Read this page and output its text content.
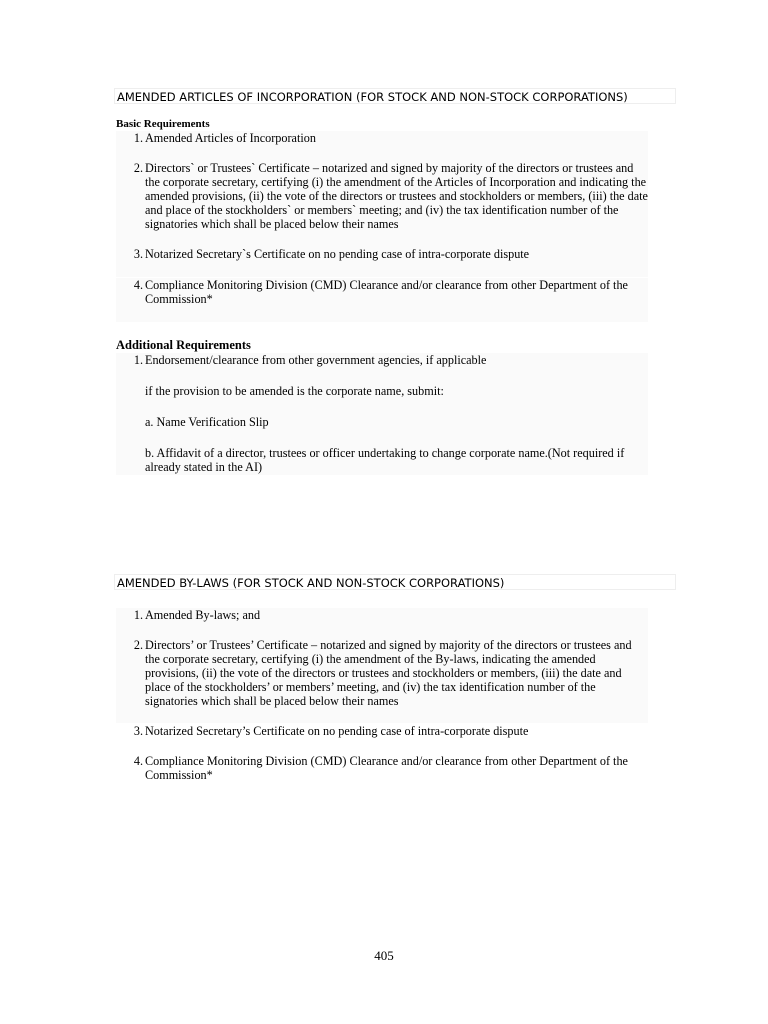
AMENDED ARTICLES OF INCORPORATION (FOR STOCK AND NON-STOCK CORPORATIONS)
Basic Requirements
1. Amended Articles of Incorporation
2. Directors` or Trustees` Certificate – notarized and signed by majority of the directors or trustees and the corporate secretary, certifying (i) the amendment of the Articles of Incorporation and indicating the amended provisions, (ii) the vote of the directors or trustees and stockholders or members, (iii) the date and place of the stockholders` or members` meeting; and (iv) the tax identification number of the signatories which shall be placed below their names
3. Notarized Secretary`s Certificate on no pending case of intra-corporate dispute
4. Compliance Monitoring Division (CMD) Clearance and/or clearance from other Department of the Commission*
Additional Requirements
1. Endorsement/clearance from other government agencies, if applicable
if the provision to be amended is the corporate name, submit:
a. Name Verification Slip
b. Affidavit of a director, trustees or officer undertaking to change corporate name.(Not required if already stated in the AI)
AMENDED BY-LAWS (FOR STOCK AND NON-STOCK CORPORATIONS)
1. Amended By-laws; and
2. Directors’ or Trustees’ Certificate – notarized and signed by majority of the directors or trustees and the corporate secretary, certifying (i) the amendment of the By-laws, indicating the amended provisions, (ii) the vote of the directors or trustees and stockholders or members, (iii) the date and place of the stockholders’ or members’ meeting, and (iv) the tax identification number of the signatories which shall be placed below their names
3. Notarized Secretary’s Certificate on no pending case of intra-corporate dispute
4. Compliance Monitoring Division (CMD) Clearance and/or clearance from other Department of the Commission*
405
